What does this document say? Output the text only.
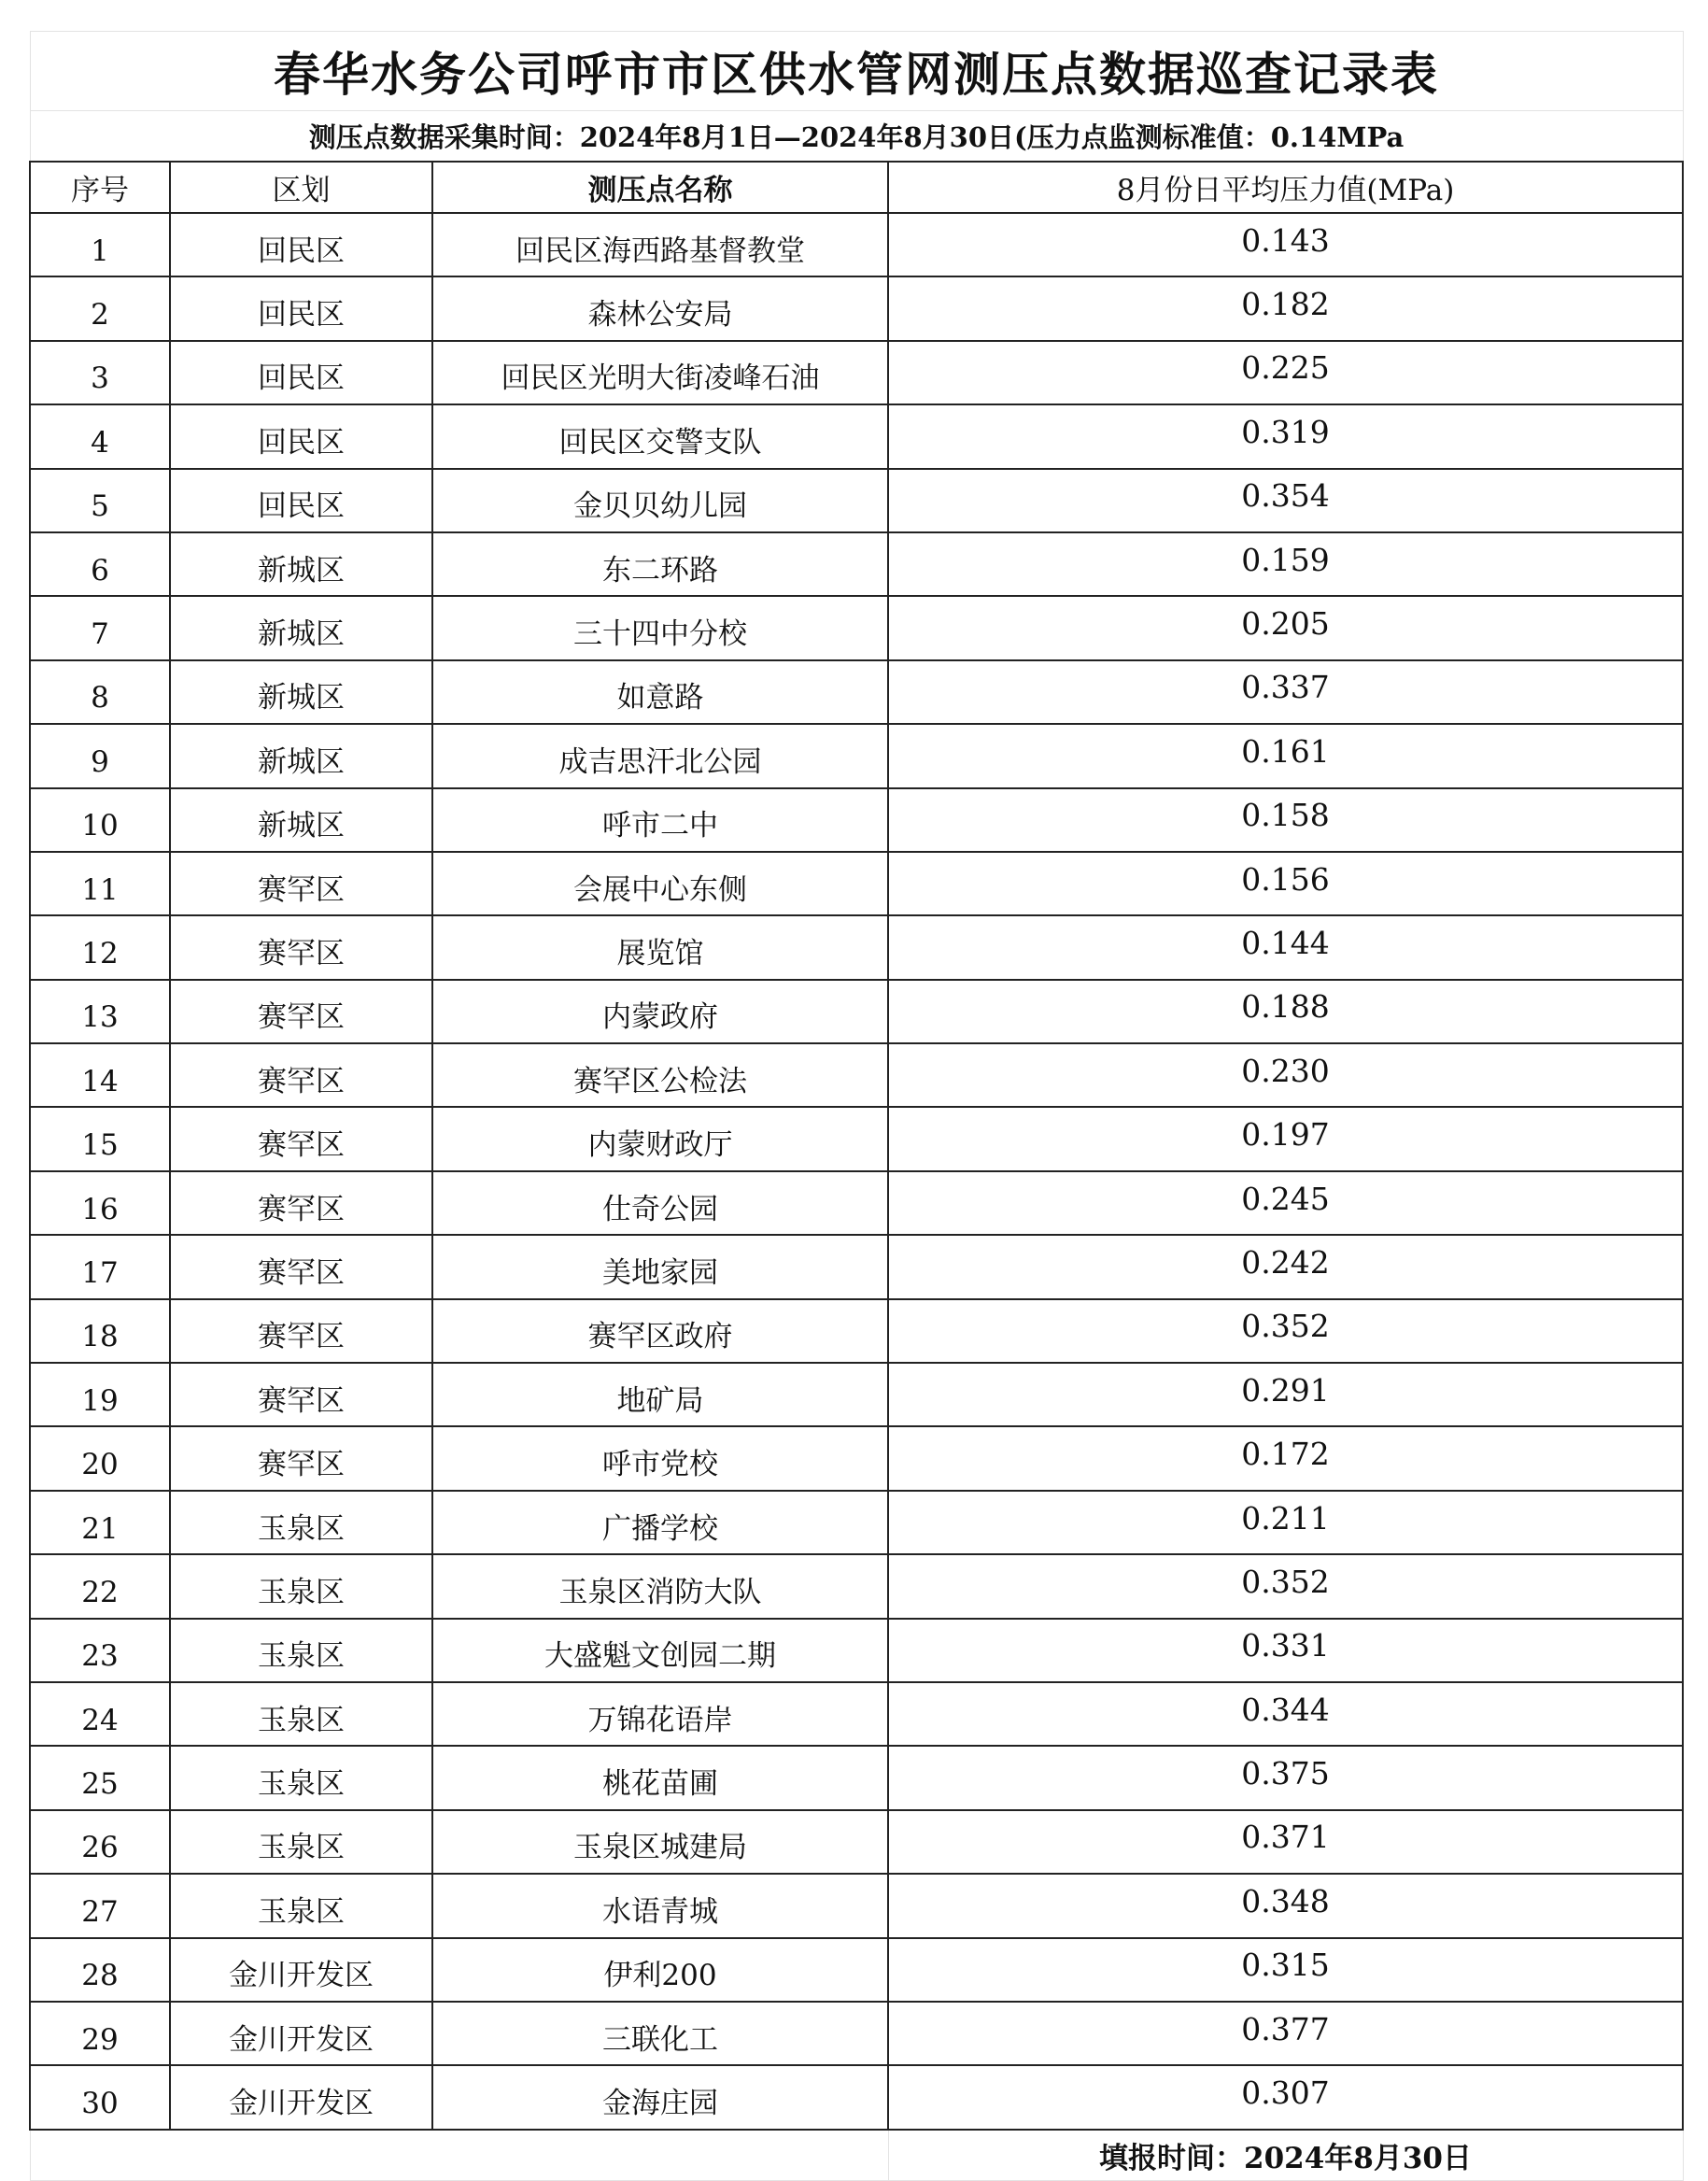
春华水务公司呼市市区供水管网测压点数据巡查记录表			
测压点数据采集时间：2024年8月1日—2024年8月30日(压力点监测标准值：0.14MPa			
序号	区划	测压点名称	8月份日平均压力值(MPa)
1	回民区	回民区海西路基督教堂	0.143
2	回民区	森林公安局	0.182
3	回民区	回民区光明大街凌峰石油	0.225
4	回民区	回民区交警支队	0.319
5	回民区	金贝贝幼儿园	0.354
6	新城区	东二环路	0.159
7	新城区	三十四中分校	0.205
8	新城区	如意路	0.337
9	新城区	成吉思汗北公园	0.161
10	新城区	呼市二中	0.158
11	赛罕区	会展中心东侧	0.156
12	赛罕区	展览馆	0.144
13	赛罕区	内蒙政府	0.188
14	赛罕区	赛罕区公检法	0.230
15	赛罕区	内蒙财政厅	0.197
16	赛罕区	仕奇公园	0.245
17	赛罕区	美地家园	0.242
18	赛罕区	赛罕区政府	0.352
19	赛罕区	地矿局	0.291
20	赛罕区	呼市党校	0.172
21	玉泉区	广播学校	0.211
22	玉泉区	玉泉区消防大队	0.352
23	玉泉区	大盛魁文创园二期	0.331
24	玉泉区	万锦花语岸	0.344
25	玉泉区	桃花苗圃	0.375
26	玉泉区	玉泉区城建局	0.371
27	玉泉区	水语青城	0.348
28	金川开发区	伊利200	0.315
29	金川开发区	三联化工	0.377
30	金川开发区	金海庄园	0.307
			填报时间：2024年8月30日
